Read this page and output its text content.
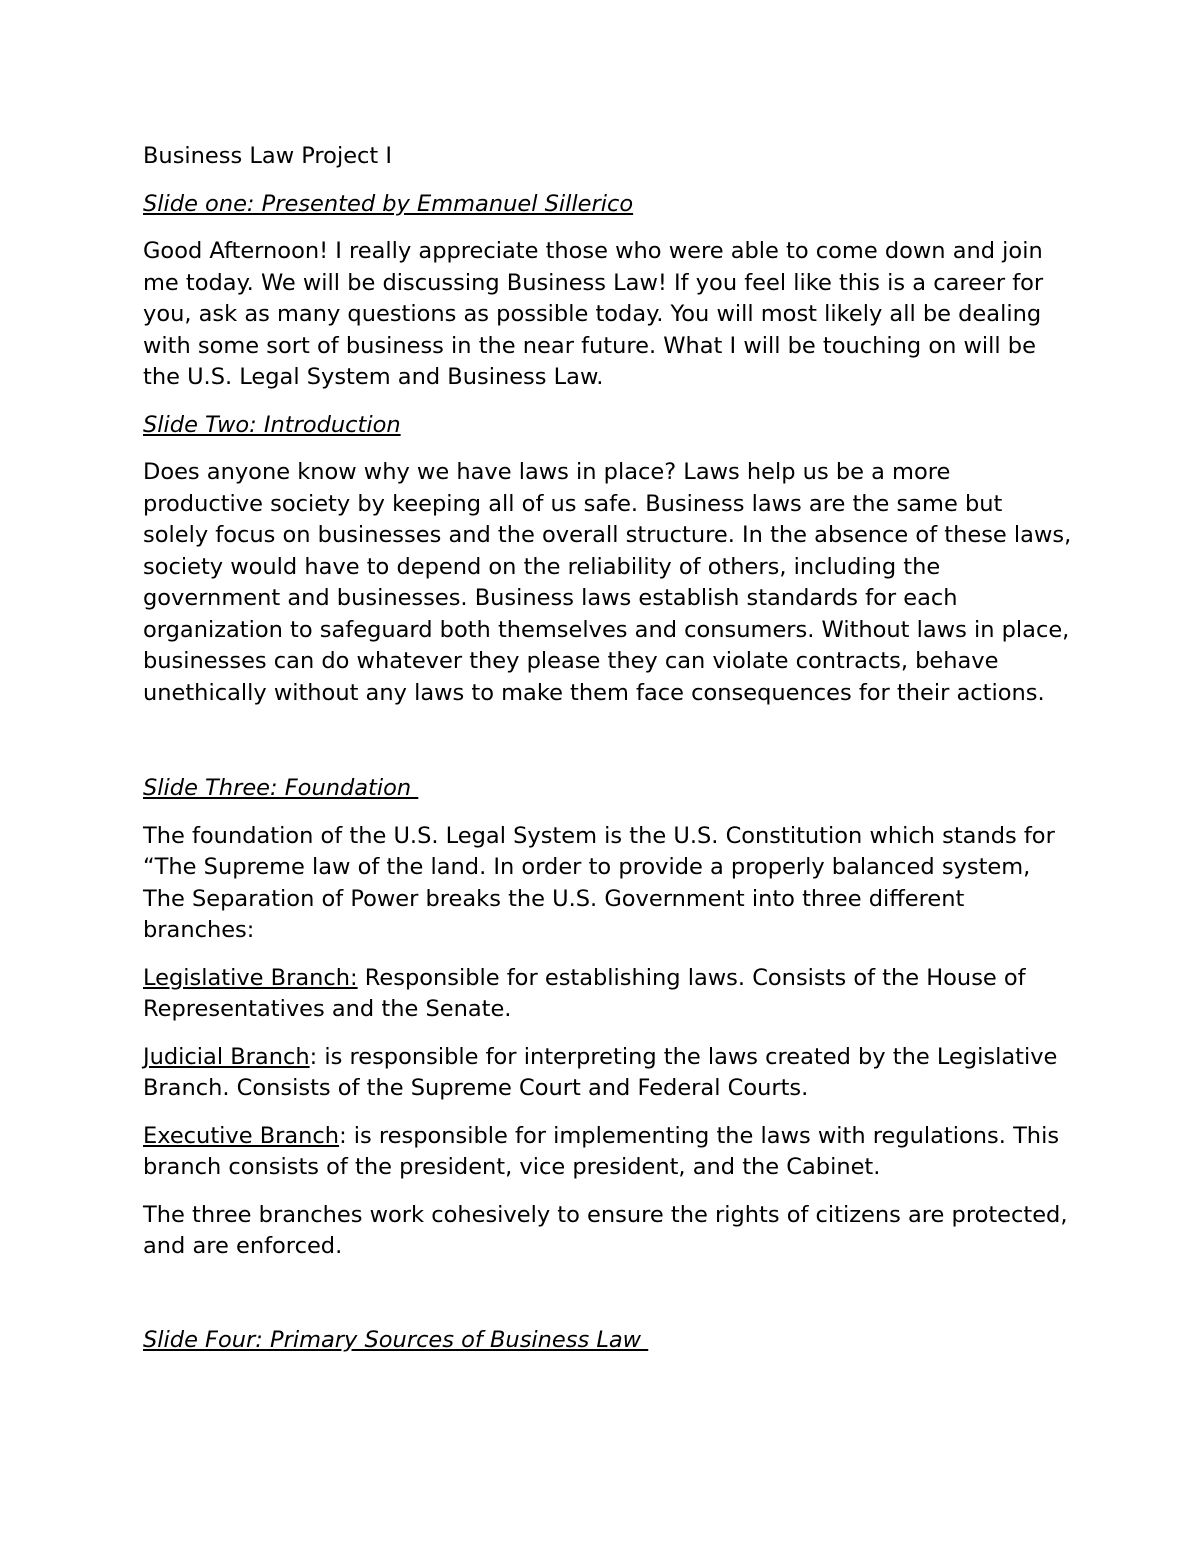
Business Law Project I

Slide one: Presented by Emmanuel Sillerico

Good Afternoon! I really appreciate those who were able to come down and join me today. We will be discussing Business Law! If you feel like this is a career for you, ask as many questions as possible today. You will most likely all be dealing with some sort of business in the near future. What I will be touching on will be the U.S. Legal System and Business Law.

Slide Two: Introduction

Does anyone know why we have laws in place? Laws help us be a more productive society by keeping all of us safe. Business laws are the same but solely focus on businesses and the overall structure. In the absence of these laws, society would have to depend on the reliability of others, including the government and businesses. Business laws establish standards for each organization to safeguard both themselves and consumers. Without laws in place, businesses can do whatever they please they can violate contracts, behave unethically without any laws to make them face consequences for their actions.

Slide Three: Foundation

The foundation of the U.S. Legal System is the U.S. Constitution which stands for “The Supreme law of the land. In order to provide a properly balanced system, The Separation of Power breaks the U.S. Government into three different branches:

Legislative Branch: Responsible for establishing laws. Consists of the House of Representatives and the Senate.

Judicial Branch: is responsible for interpreting the laws created by the Legislative Branch. Consists of the Supreme Court and Federal Courts.

Executive Branch: is responsible for implementing the laws with regulations. This branch consists of the president, vice president, and the Cabinet.

The three branches work cohesively to ensure the rights of citizens are protected, and are enforced.

Slide Four: Primary Sources of Business Law
